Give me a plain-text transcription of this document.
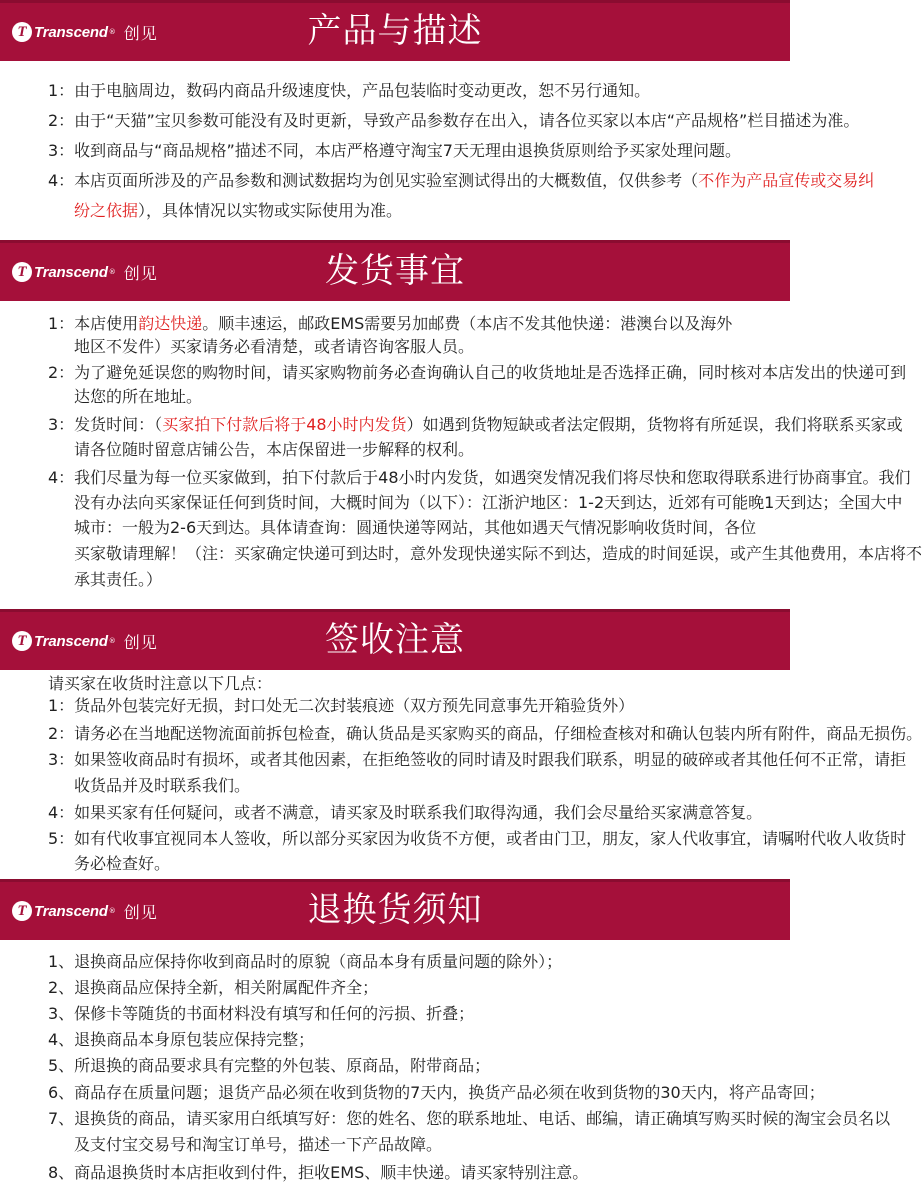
T Transcend ® 创见	产品与描述
1：由于电脑周边，数码内商品升级速度快，产品包装临时变动更改，恕不另行通知。
2：由于“天猫”宝贝参数可能没有及时更新，导致产品参数存在出入，请各位买家以本店“产品规格”栏目描述为准。
3：收到商品与“商品规格”描述不同，本店严格遵守淘宝7天无理由退换货原则给予买家处理问题。
4：本店页面所涉及的产品参数和测试数据均为创见实验室测试得出的大概数值，仅供参考（不作为产品宣传或交易纠
纷之依据），具体情况以实物或实际使用为准。
T Transcend ® 创见	发货事宜
1：本店使用韵达快递。顺丰速运，邮政EMS需要另加邮费（本店不发其他快递：港澳台以及海外
地区不发件）买家请务必看清楚，或者请咨询客服人员。
2：为了避免延误您的购物时间，请买家购物前务必查询确认自己的收货地址是否选择正确，同时核对本店发出的快递可到
达您的所在地址。
3：发货时间：（买家拍下付款后将于48小时内发货）如遇到货物短缺或者法定假期，货物将有所延误，我们将联系买家或
请各位随时留意店铺公告，本店保留进一步解释的权利。
4：我们尽量为每一位买家做到，拍下付款后于48小时内发货，如遇突发情况我们将尽快和您取得联系进行协商事宜。我们
没有办法向买家保证任何到货时间，大概时间为（以下）：江浙沪地区：1-2天到达，近郊有可能晚1天到达；全国大中
城市：一般为2-6天到达。具体请查询：圆通快递等网站，其他如遇天气情况影响收货时间，各位
买家敬请理解！（注：买家确定快递可到达时，意外发现快递实际不到达，造成的时间延误，或产生其他费用，本店将不
承其责任。）
T Transcend ® 创见	签收注意
请买家在收货时注意以下几点：
1：货品外包装完好无损，封口处无二次封装痕迹（双方预先同意事先开箱验货外）
2：请务必在当地配送物流面前拆包检查，确认货品是买家购买的商品，仔细检查核对和确认包装内所有附件，商品无损伤。
3：如果签收商品时有损坏，或者其他因素，在拒绝签收的同时请及时跟我们联系，明显的破碎或者其他任何不正常，请拒
收货品并及时联系我们。
4：如果买家有任何疑问，或者不满意，请买家及时联系我们取得沟通，我们会尽量给买家满意答复。
5：如有代收事宜视同本人签收，所以部分买家因为收货不方便，或者由门卫，朋友，家人代收事宜，请嘱咐代收人收货时
务必检查好。
T Transcend ® 创见	退换货须知
1、退换商品应保持你收到商品时的原貌（商品本身有质量问题的除外）；
2、退换商品应保持全新，相关附属配件齐全；
3、保修卡等随货的书面材料没有填写和任何的污损、折叠；
4、退换商品本身原包装应保持完整；
5、所退换的商品要求具有完整的外包装、原商品，附带商品；
6、商品存在质量问题；退货产品必须在收到货物的7天内，换货产品必须在收到货物的30天内，将产品寄回；
7、退换货的商品，请买家用白纸填写好：您的姓名、您的联系地址、电话、邮编，请正确填写购买时候的淘宝会员名以
及支付宝交易号和淘宝订单号，描述一下产品故障。
8、商品退换货时本店拒收到付件，拒收EMS、顺丰快递。请买家特别注意。
